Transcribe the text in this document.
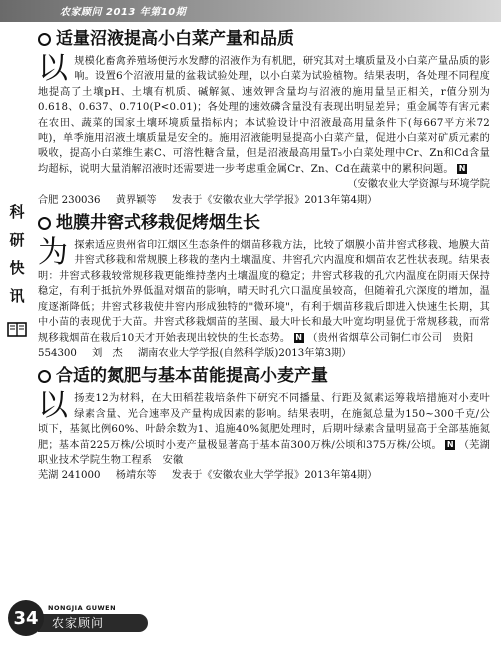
农家顾问 2013 年第10期
科
研
快
讯
适量沼液提高小白菜产量和品质
以 规模化畜禽养殖场便污水发酵的沼液作为有机肥，研究其对土壤质量及小白菜产量品质的影响。设置6个沼液用量的盆栽试验处理，以小白菜为试验植物。结果表明，各处理不同程度地提高了土壤pH、土壤有机质、碱解氮、速效钾含量均与沼液的施用量呈正相关，r值分别为0.618、0.637、0.710(P<0.01)；各处理的速效磷含量没有表现出明显差异；重金属等有害元素在农田、蔬菜的国家土壤环境质量指标内；本试验设计中沼液最高用量条件下(每667平方米72吨)，单季施用沼液土壤质量是安全的。施用沼液能明显提高小白菜产量，促进小白菜对矿质元素的吸收，提高小白菜维生素C、可溶性糖含量，但是沼液最高用量T₅小白菜处理中Cr、Zn和Cd含量均超标，说明大量消解沼液时还需要进一步考虑重金属Cr、Zn、Cd在蔬菜中的累积问题。 N
（安徽农业大学资源与环境学院
合肥 230036 黄界颖等 发表于《安徽农业大学学报》2013年第4期）
地膜井窖式移栽促烤烟生长
为 探索适应贵州省印江烟区生态条件的烟苗移栽方法，比较了烟膜小苗井窖式移栽、地膜大苗井窖式移栽和常规膜上移栽的垄内土壤温度、井窖孔穴内温度和烟苗农艺性状表现。结果表明：井窖式移栽较常规移栽更能维持垄内土壤温度的稳定；井窖式移栽的孔穴内温度在阴雨天保持稳定，有利于抵抗外界低温对烟苗的影响，晴天时孔穴口温度虽较高，但随着孔穴深度的增加，温度逐渐降低；井窖式移栽使井窖内形成独特的"微环境"，有利于烟苗移栽后即进入快速生长期，其中小苗的表现优于大苗。井窖式移栽烟苗的茎围、最大叶长和最大叶宽均明显优于常规移栽，而常规移栽烟苗在栽后10天才开始表现出较快的生长态势。 N （贵州省烟草公司铜仁市公司　贵阳
554300 刘　杰 湖南农业大学学报(自然科学版)2013年第3期）
合适的氮肥与基本苗能提高小麦产量
以 扬麦12为材料，在大田稻茬栽培条件下研究不同播量、行距及氮素运筹栽培措施对小麦叶绿素含量、光合速率及产量构成因素的影响。结果表明，在施氮总量为150~300千克/公顷下，基氮比例60%、叶龄余数为1、追施40%氮肥处理时，后期叶绿素含量明显高于全部基施氮肥；基本苗225万株/公顷时小麦产量极显著高于基本苗300万株/公顷和375万株/公顷。 N （芜湖职业技术学院生物工程系　安徽
芜湖 241000 杨靖东等 发表于《安徽农业大学学报》2013年第4期）
34	NONGJIA GUWEN
农家顾问
